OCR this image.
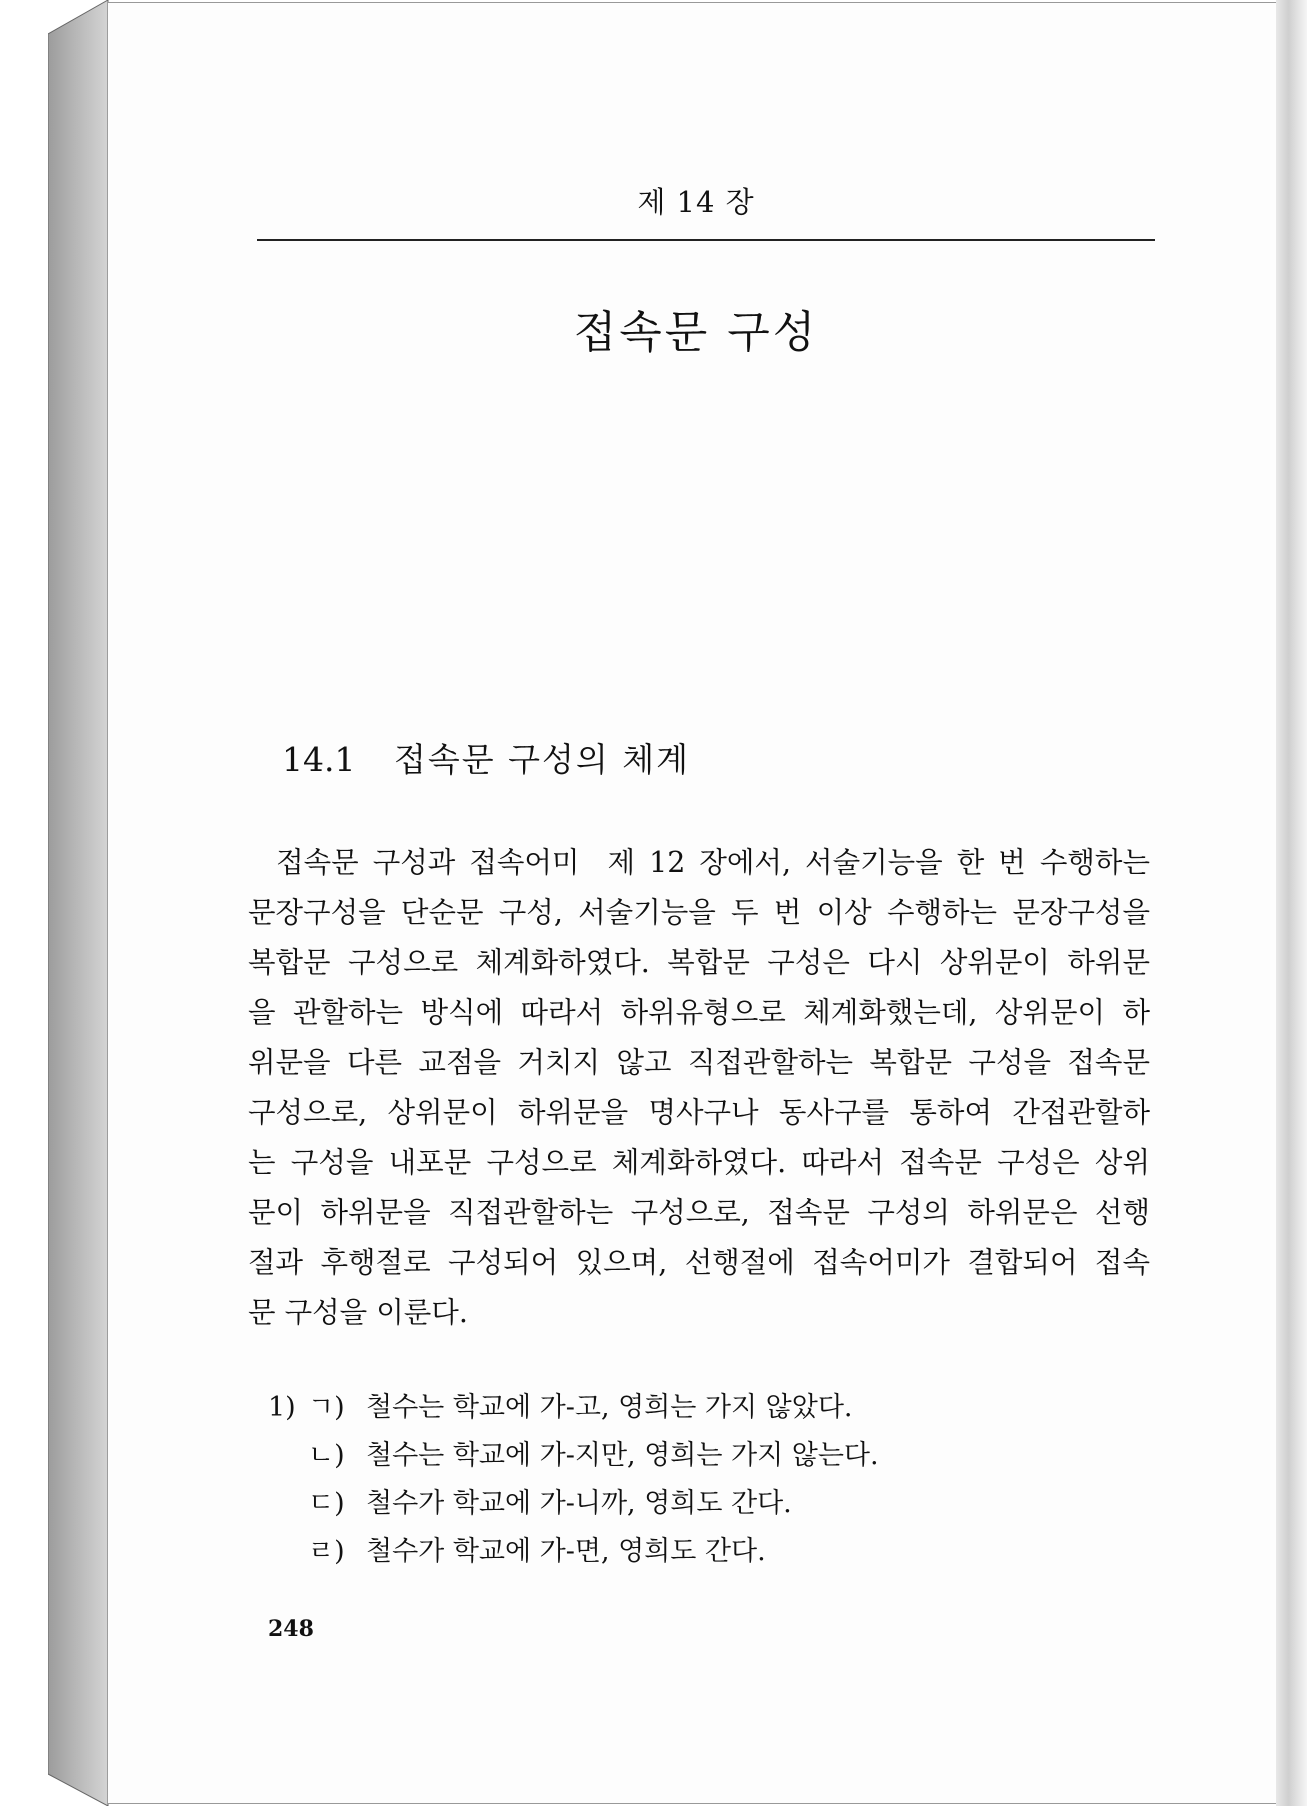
제 14 장
접속문 구성
14.1 접속문 구성의 체계
접속문 구성과 접속어미  제 12 장에서, 서술기능을 한 번 수행하는
문장구성을 단순문 구성, 서술기능을 두 번 이상 수행하는 문장구성을
복합문 구성으로 체계화하였다. 복합문 구성은 다시 상위문이 하위문
을 관할하는 방식에 따라서 하위유형으로 체계화했는데, 상위문이 하
위문을 다른 교점을 거치지 않고 직접관할하는 복합문 구성을 접속문
구성으로, 상위문이 하위문을 명사구나 동사구를 통하여 간접관할하
는 구성을 내포문 구성으로 체계화하였다. 따라서 접속문 구성은 상위
문이 하위문을 직접관할하는 구성으로, 접속문 구성의 하위문은 선행
절과 후행절로 구성되어 있으며, 선행절에 접속어미가 결합되어 접속
문 구성을 이룬다.
1) ㄱ) 철수는 학교에 가-고, 영희는 가지 않았다.
ㄴ) 철수는 학교에 가-지만, 영희는 가지 않는다.
ㄷ) 철수가 학교에 가-니까, 영희도 간다.
ㄹ) 철수가 학교에 가-면, 영희도 간다.
248
